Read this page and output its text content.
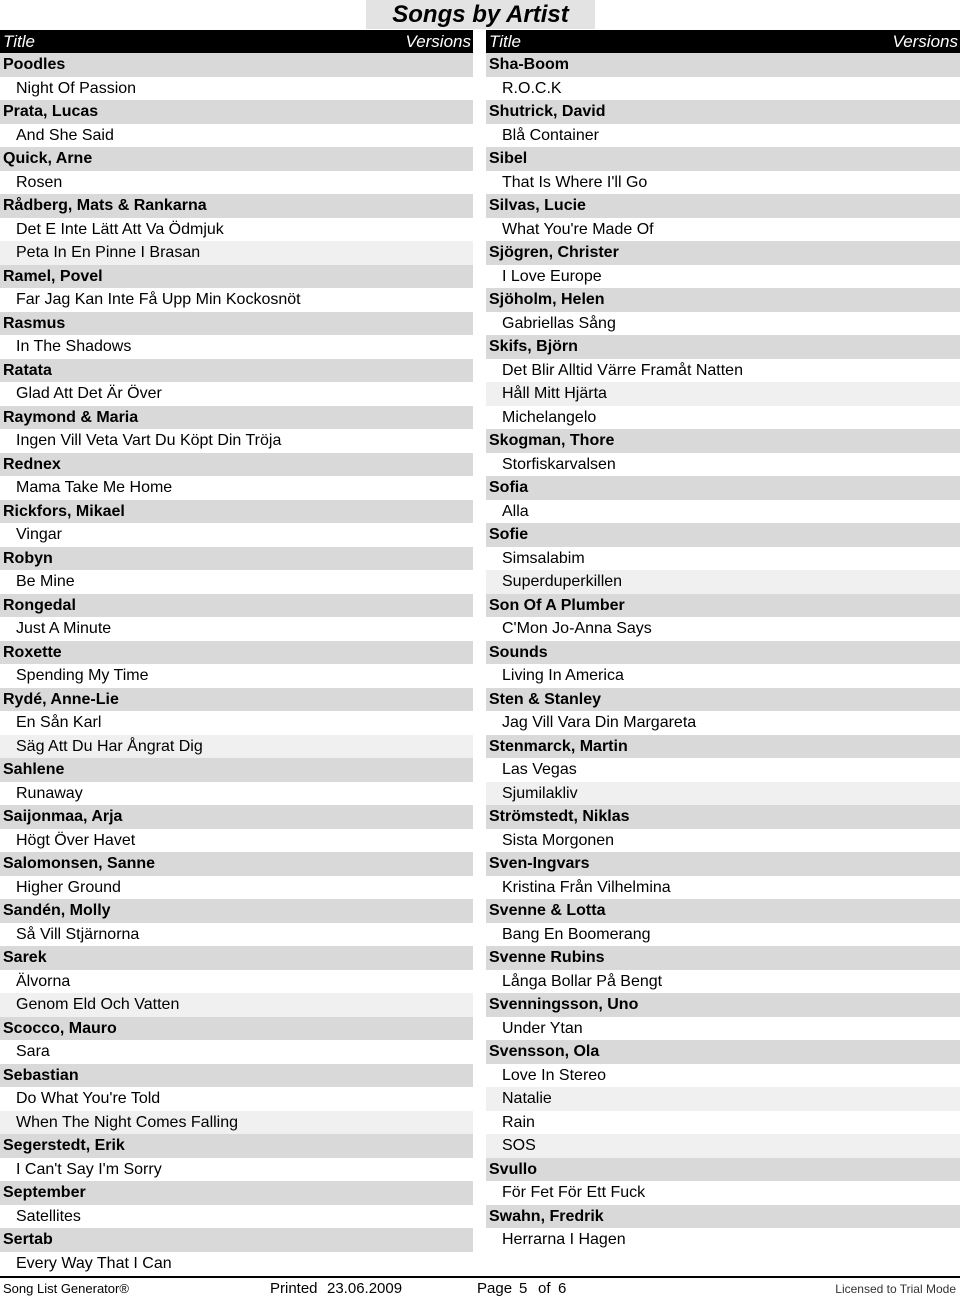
Songs by Artist
Title	Versions Title	Versions
Poodles
Night Of Passion
Prata, Lucas
And She Said
Quick, Arne
Rosen
Rådberg, Mats & Rankarna
Det E Inte Lätt Att Va Ödmjuk
Peta In En Pinne I Brasan
Ramel, Povel
Far Jag Kan Inte Få Upp Min Kockosnöt
Rasmus
In The Shadows
Ratata
Glad Att Det Är Över
Raymond & Maria
Ingen Vill Veta Vart Du Köpt Din Tröja
Rednex
Mama Take Me Home
Rickfors, Mikael
Vingar
Robyn
Be Mine
Rongedal
Just A Minute
Roxette
Spending My Time
Rydé, Anne-Lie
En Sån Karl
Säg Att Du Har Ångrat Dig
Sahlene
Runaway
Saijonmaa, Arja
Högt Över Havet
Salomonsen, Sanne
Higher Ground
Sandén, Molly
Så Vill Stjärnorna
Sarek
Älvorna
Genom Eld Och Vatten
Scocco, Mauro
Sara
Sebastian
Do What You're Told
When The Night Comes Falling
Segerstedt, Erik
I Can't Say I'm Sorry
September
Satellites
Sertab
Every Way That I Can
Sha-Boom
R.O.C.K
Shutrick, David
Blå Container
Sibel
That Is Where I'll Go
Silvas, Lucie
What You're Made Of
Sjögren, Christer
I Love Europe
Sjöholm, Helen
Gabriellas Sång
Skifs, Björn
Det Blir Alltid Värre Framåt Natten
Håll Mitt Hjärta
Michelangelo
Skogman, Thore
Storfiskarvalsen
Sofia
Alla
Sofie
Simsalabim
Superduperkillen
Son Of A Plumber
C'Mon Jo-Anna Says
Sounds
Living In America
Sten & Stanley
Jag Vill Vara Din Margareta
Stenmarck, Martin
Las Vegas
Sjumilakliv
Strömstedt, Niklas
Sista Morgonen
Sven-Ingvars
Kristina Från Vilhelmina
Svenne & Lotta
Bang En Boomerang
Svenne Rubins
Långa Bollar På Bengt
Svenningsson, Uno
Under Ytan
Svensson, Ola
Love In Stereo
Natalie
Rain
SOS
Svullo
För Fet För Ett Fuck
Swahn, Fredrik
Herrarna I Hagen
Song List Generator®	Printed 23.06.2009	Page 5 of 6	Licensed to Trial Mode
